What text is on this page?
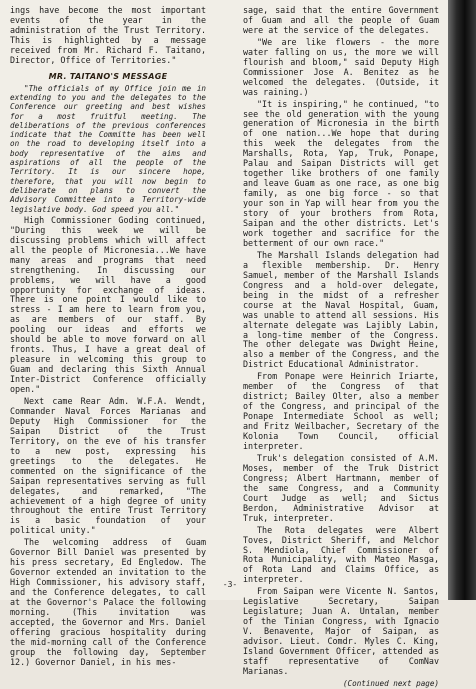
ings have become the most important events of the year in the administration of the Trust Territory. This is highlighted by a message received from Mr. Richard F. Taitano, Director, Office of Territories."

MR. TAITANO'S MESSAGE

"The officials of my Office join me in extending to you and the delegates to the Conference our greeting and best wishes for a most fruitful meeting. The deliberations of the previous conferences indicate that the Committe has been well on the road to developing itself into a body representative of the aims and aspirations of all the people of the Territory. It is our sincere hope, therefore, that you will now begin to deliberate on plans to convert the Advisory Committee into a Territory-wide legislative body. God speed you all."

High Commissioner Goding continued, "During this week we will be discussing problems which will affect all the people of Micronesia...We have many areas and programs that need strengthening. In discussing our problems, we will have a good opportunity for exchange of ideas. There is one point I would like to stress - I am here to learn from you, as are members of our staff. By pooling our ideas and efforts we should be able to move forward on all fronts. Thus, I have a great deal of pleasure in welcoming this group to Guam and declaring this Sixth Annual Inter-District Conference officially open."

Next came Rear Adm. W.F.A. Wendt, Commander Naval Forces Marianas and Deputy High Commissioner for the Saipan District of the Trust Territory, on the eve of his transfer to a new post, expressing his greetings to the delegates. He commented on the significance of the Saipan representatives serving as full delegates, and remarked, "The achievement of a high degree of unity throughout the entire Trust Territory is a basic foundation of your political unity."

The welcoming address of Guam Governor Bill Daniel was presented by his press secretary, Ed Engledow. The Governor extended an invitation to the High Commissioner, his advisory staff, and the Conference delegates, to call at the Governor's Palace the following morning. (This invitation was accepted, the Governor and Mrs. Daniel offering gracious hospitality during the mid-morning call of the Conference group the following day, September 12.) Governor Daniel, in his mes-

sage, said that the entire Government of Guam and all the people of Guam were at the service of the delegates.

"We are like flowers - the more water falling on us, the more we will flourish and bloom," said Deputy High Commissioner Jose A. Benitez as he welcomed the delegates. (Outside, it was raining.)

"It is inspiring," he continued, "to see the old generation with the young generation of Micronesia in the birth of one nation...We hope that during this week the delegates from the Marshalls, Rota, Yap, Truk, Ponape, Palau and Saipan Districts will get together like brothers of one family and leave Guam as one race, as one big family, as one big force - so that your son in Yap will hear from you the story of your brothers from Rota, Saipan and the other districts. Let's work together and sacrifice for the betterment of our own race."

The Marshall Islands delegation had a flexible membership. Dr. Henry Samuel, member of the Marshall Islands Congress and a hold-over delegate, being in the midst of a refresher course at the Naval Hospital, Guam, was unable to attend all sessions. His alternate delegate was Lajibly Labin, a long-time member of the Congress. The other delegate was Dwight Heine, also a member of the Congress, and the District Educational Administrator.

From Ponape were Heinrich Iriarte, member of the Congress of that district; Bailey Olter, also a member of the Congress, and principal of the Ponape Intermediate School as well; and Fritz Weilbacher, Secretary of the Kolonia Town Council, official interpreter.

Truk's delegation consisted of A.M. Moses, member of the Truk District Congress; Albert Hartmann, member of the same Congress, and a Community Court Judge as well; and Sictus Berdon, Administrative Advisor at Truk, interpreter.

The Rota delegates were Albert Toves, District Sheriff, and Melchor S. Mendiola, Chief Commissioner of Rota Municipality, with Mateo Masga, of Rota Land and Claims Office, as interpreter.

From Saipan were Vicente N. Santos, Legislative Secretary, Saipan Legislature; Juan A. Untalan, member of the Tinian Congress, with Ignacio V. Benavente, Major of Saipan, as advisor. Lieut. Comdr. Myles C. King, Island Government Officer, attended as staff representative of ComNav Marianas.

(Continued next page)
-3-
